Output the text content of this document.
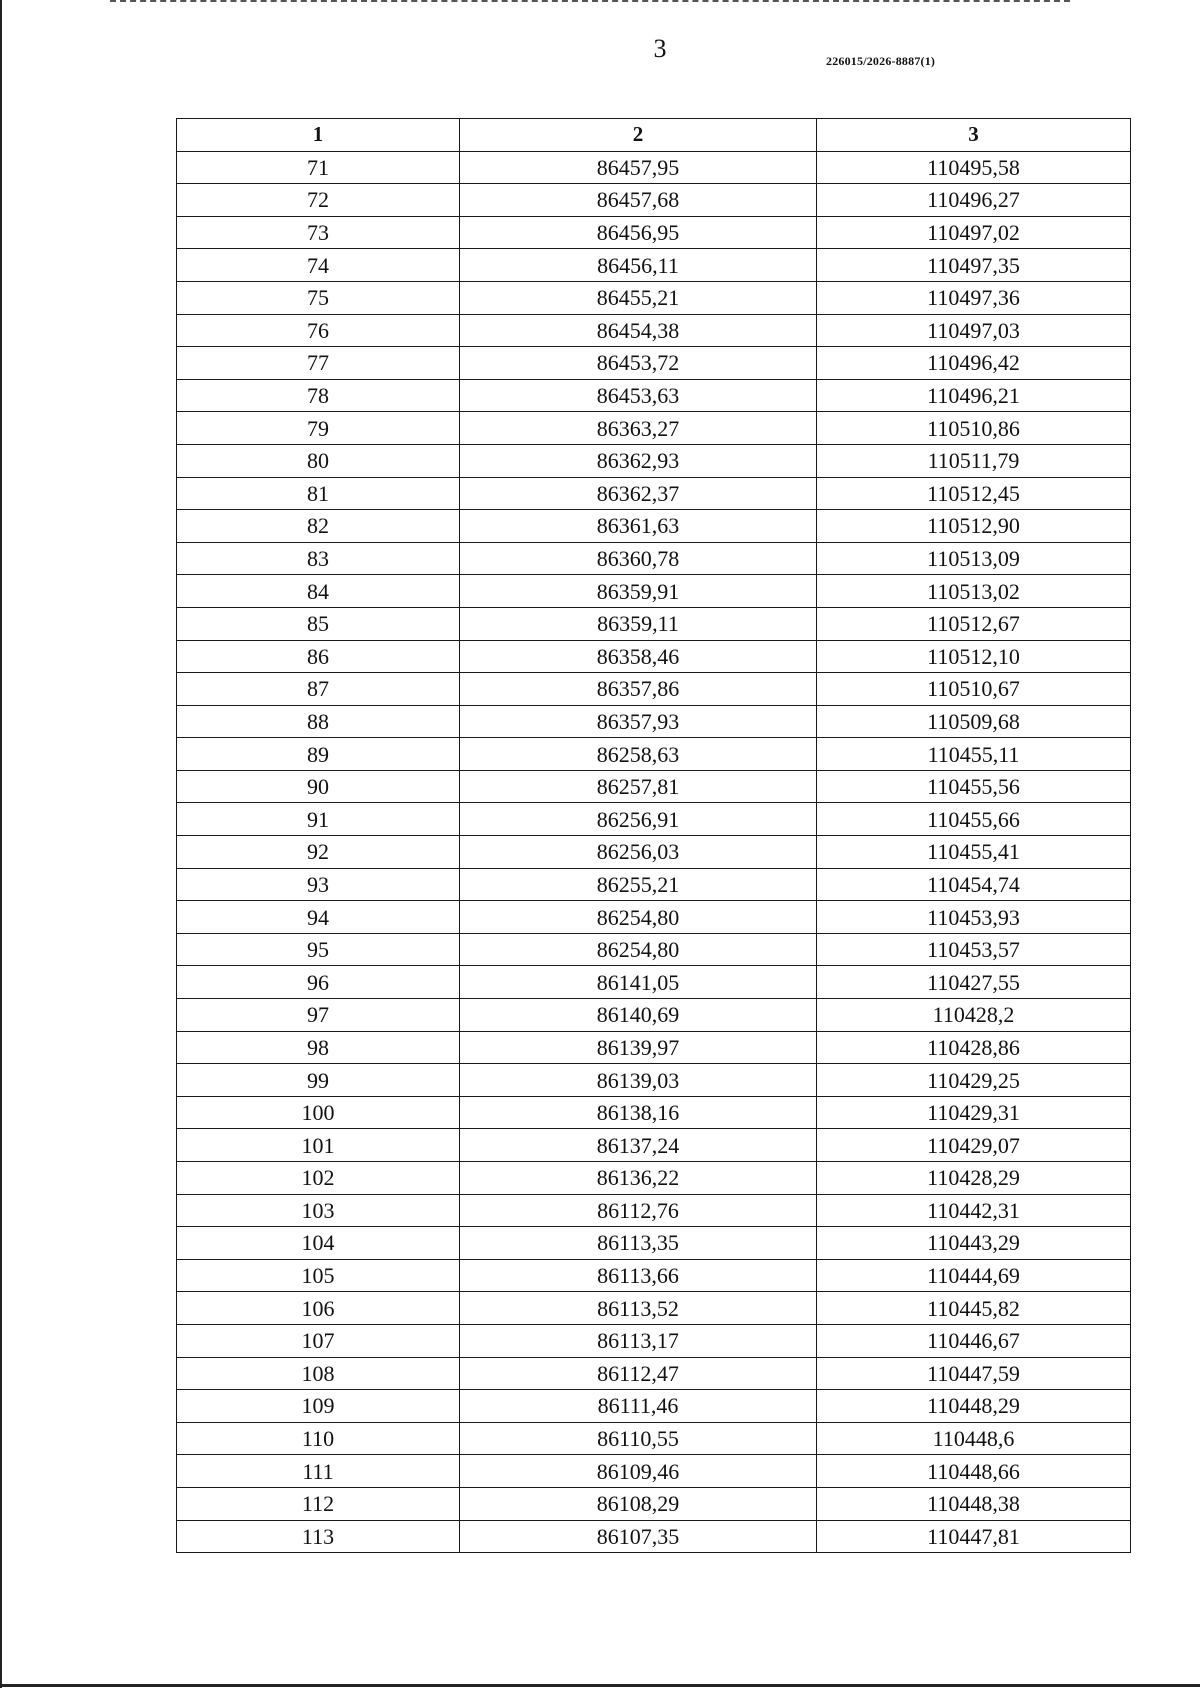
3	226015/2026-8887(1)
1	2	3
71	86457,95	110495,58
72	86457,68	110496,27
73	86456,95	110497,02
74	86456,11	110497,35
75	86455,21	110497,36
76	86454,38	110497,03
77	86453,72	110496,42
78	86453,63	110496,21
79	86363,27	110510,86
80	86362,93	110511,79
81	86362,37	110512,45
82	86361,63	110512,90
83	86360,78	110513,09
84	86359,91	110513,02
85	86359,11	110512,67
86	86358,46	110512,10
87	86357,86	110510,67
88	86357,93	110509,68
89	86258,63	110455,11
90	86257,81	110455,56
91	86256,91	110455,66
92	86256,03	110455,41
93	86255,21	110454,74
94	86254,80	110453,93
95	86254,80	110453,57
96	86141,05	110427,55
97	86140,69	110428,2
98	86139,97	110428,86
99	86139,03	110429,25
100	86138,16	110429,31
101	86137,24	110429,07
102	86136,22	110428,29
103	86112,76	110442,31
104	86113,35	110443,29
105	86113,66	110444,69
106	86113,52	110445,82
107	86113,17	110446,67
108	86112,47	110447,59
109	86111,46	110448,29
110	86110,55	110448,6
111	86109,46	110448,66
112	86108,29	110448,38
113	86107,35	110447,81
